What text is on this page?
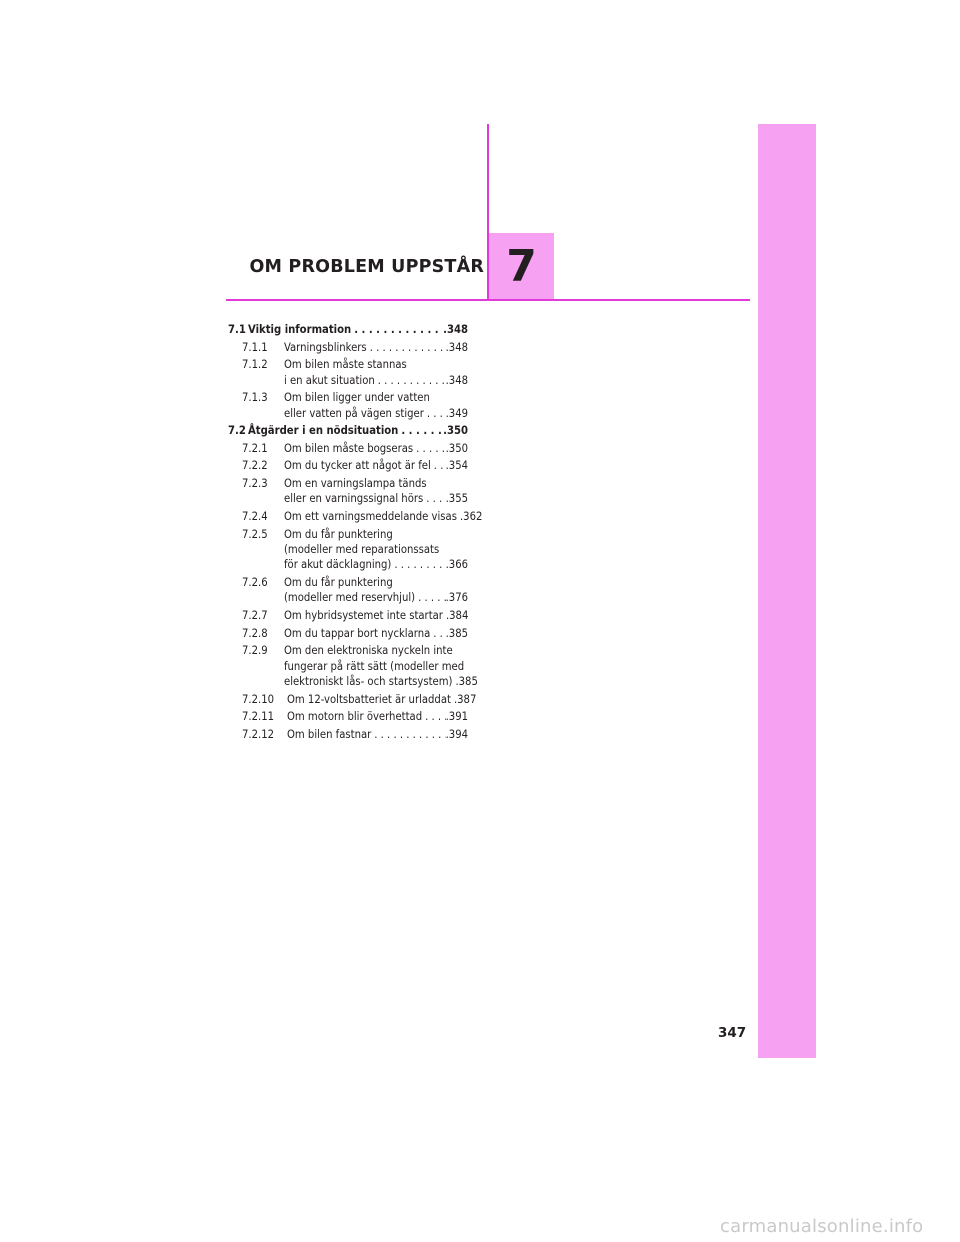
OM PROBLEM UPPSTÅR 7
7.1 Viktig information . . .	.348
7.1.1	Varningsblinkers . . .	.348
7.1.2	Om bilen måste stannas
i en akut situation . . .	.348
7.1.3	Om bilen ligger under vatten
eller vatten på vägen stiger . . . .349
7.2 Åtgärder i en nödsituation . . .	.350
7.2.1	Om bilen måste bogseras . . .	.350
7.2.2	Om du tycker att något är fel . . . .354
7.2.3	Om en varningslampa tänds
eller en varningssignal hörs . . . .355
7.2.4	Om ett varningsmeddelande visas . . . .362
7.2.5	Om du får punktering
(modeller med reparationssats
för akut däcklagning) . . .	.366
7.2.6	Om du får punktering
(modeller med reservhjul) . . .	.376
7.2.7	Om hybridsystemet inte startar . . . .384
7.2.8	Om du tappar bort nycklarna . . . .385
7.2.9	Om den elektroniska nyckeln inte
fungerar på rätt sätt (modeller med
elektroniskt lås- och startsystem) . . . .385
7.2.10	Om 12-voltsbatteriet är urladdat . . . .387
7.2.11	Om motorn blir överhettad . . . .391
7.2.12	Om bilen fastnar . . .	.394
347
carmanualsonline.info
